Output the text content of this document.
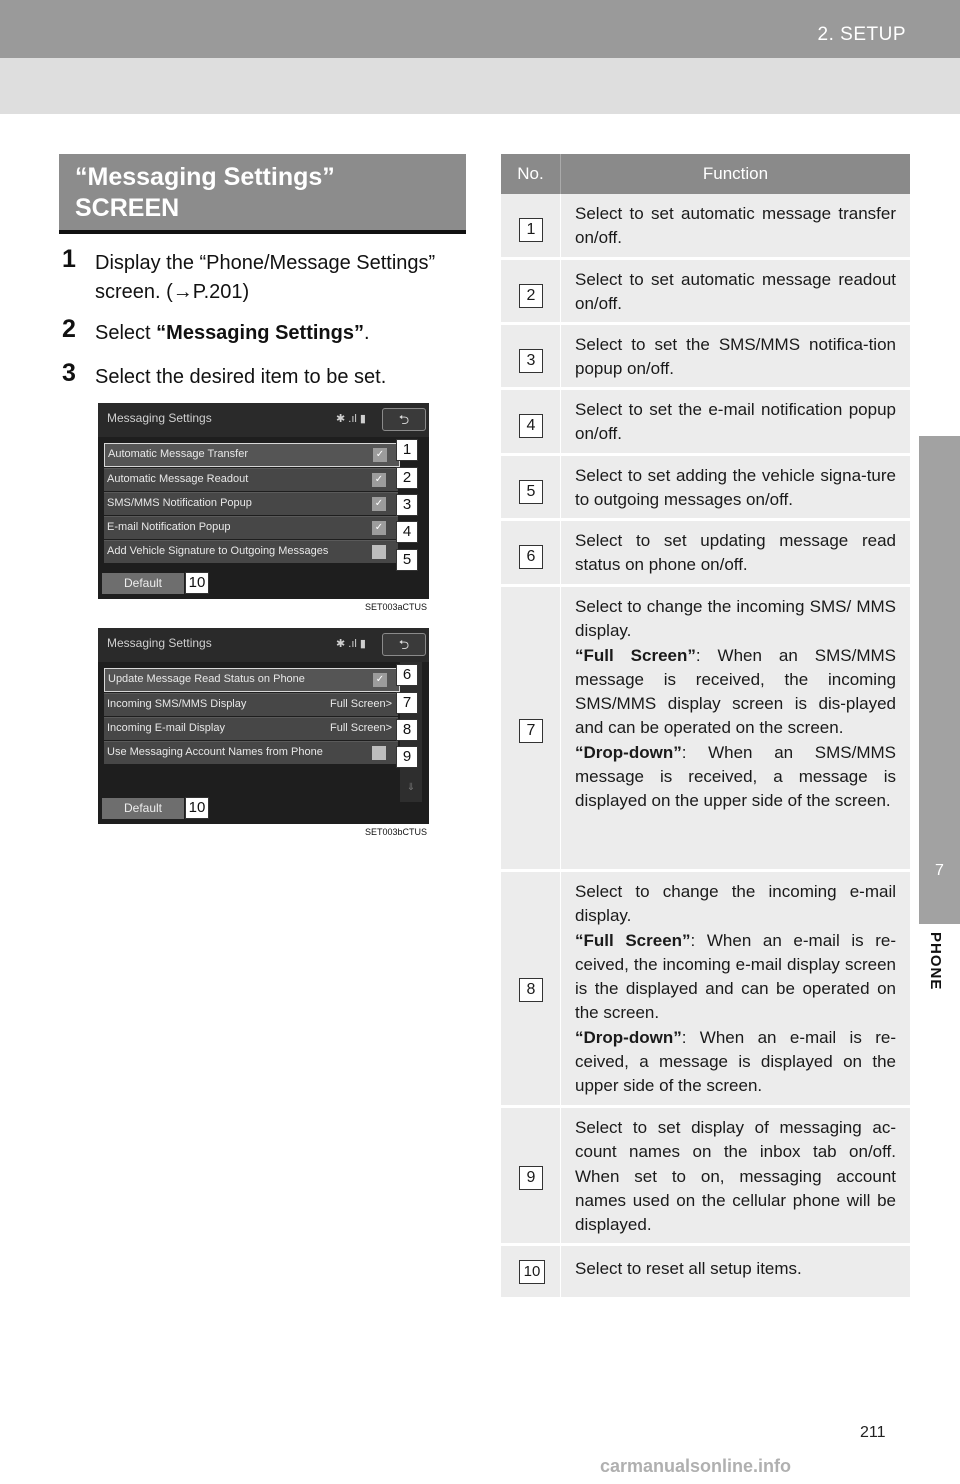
2. SETUP
7
PHONE
“Messaging Settings”
SCREEN
1 Display the “Phone/Message Settings” screen. (→P.201)
2 Select “Messaging Settings”.
3 Select the desired item to be set.
Messaging Settings	✱ .ıl ▮	⮌
Automatic Message Transfer	✓
Automatic Message Readout	✓
SMS/MMS Notification Popup	✓
E-mail Notification Popup	✓
Add Vehicle Signature to Outgoing Messages
Default
1
2
3
4
5
10
SET003aCTUS
Messaging Settings	✱ .ıl ▮	⮌
⇓
Update Message Read Status on Phone	✓
Incoming SMS/MMS Display	Full Screen>
Incoming E-mail Display	Full Screen>
Use Messaging Account Names from Phone
Default
6
7
8
9
10
SET003bCTUS
No.	Function
1
Select to set automatic message transfer on/off.
2
Select to set automatic message readout on/off.
3
Select to set the SMS/MMS notifica-tion popup on/off.
4
Select to set the e-mail notification popup on/off.
5
Select to set adding the vehicle signa-ture to outgoing messages on/off.
6
Select to set updating message read status on phone on/off.
7
Select to change the incoming SMS/ MMS display.
“Full Screen”: When an SMS/MMS message is received, the incoming SMS/MMS display screen is dis-played and can be operated on the screen.
“Drop-down”: When an SMS/MMS message is received, a message is displayed on the upper side of the screen.
8
Select to change the incoming e-mail display.
“Full Screen”: When an e-mail is re-ceived, the incoming e-mail display screen is the displayed and can be operated on the screen.
“Drop-down”: When an e-mail is re-ceived, a message is displayed on the upper side of the screen.
9
Select to set display of messaging ac-count names on the inbox tab on/off. When set to on, messaging account names used on the cellular phone will be displayed.
10 Select to reset all setup items.
211
carmanualsonline.info
